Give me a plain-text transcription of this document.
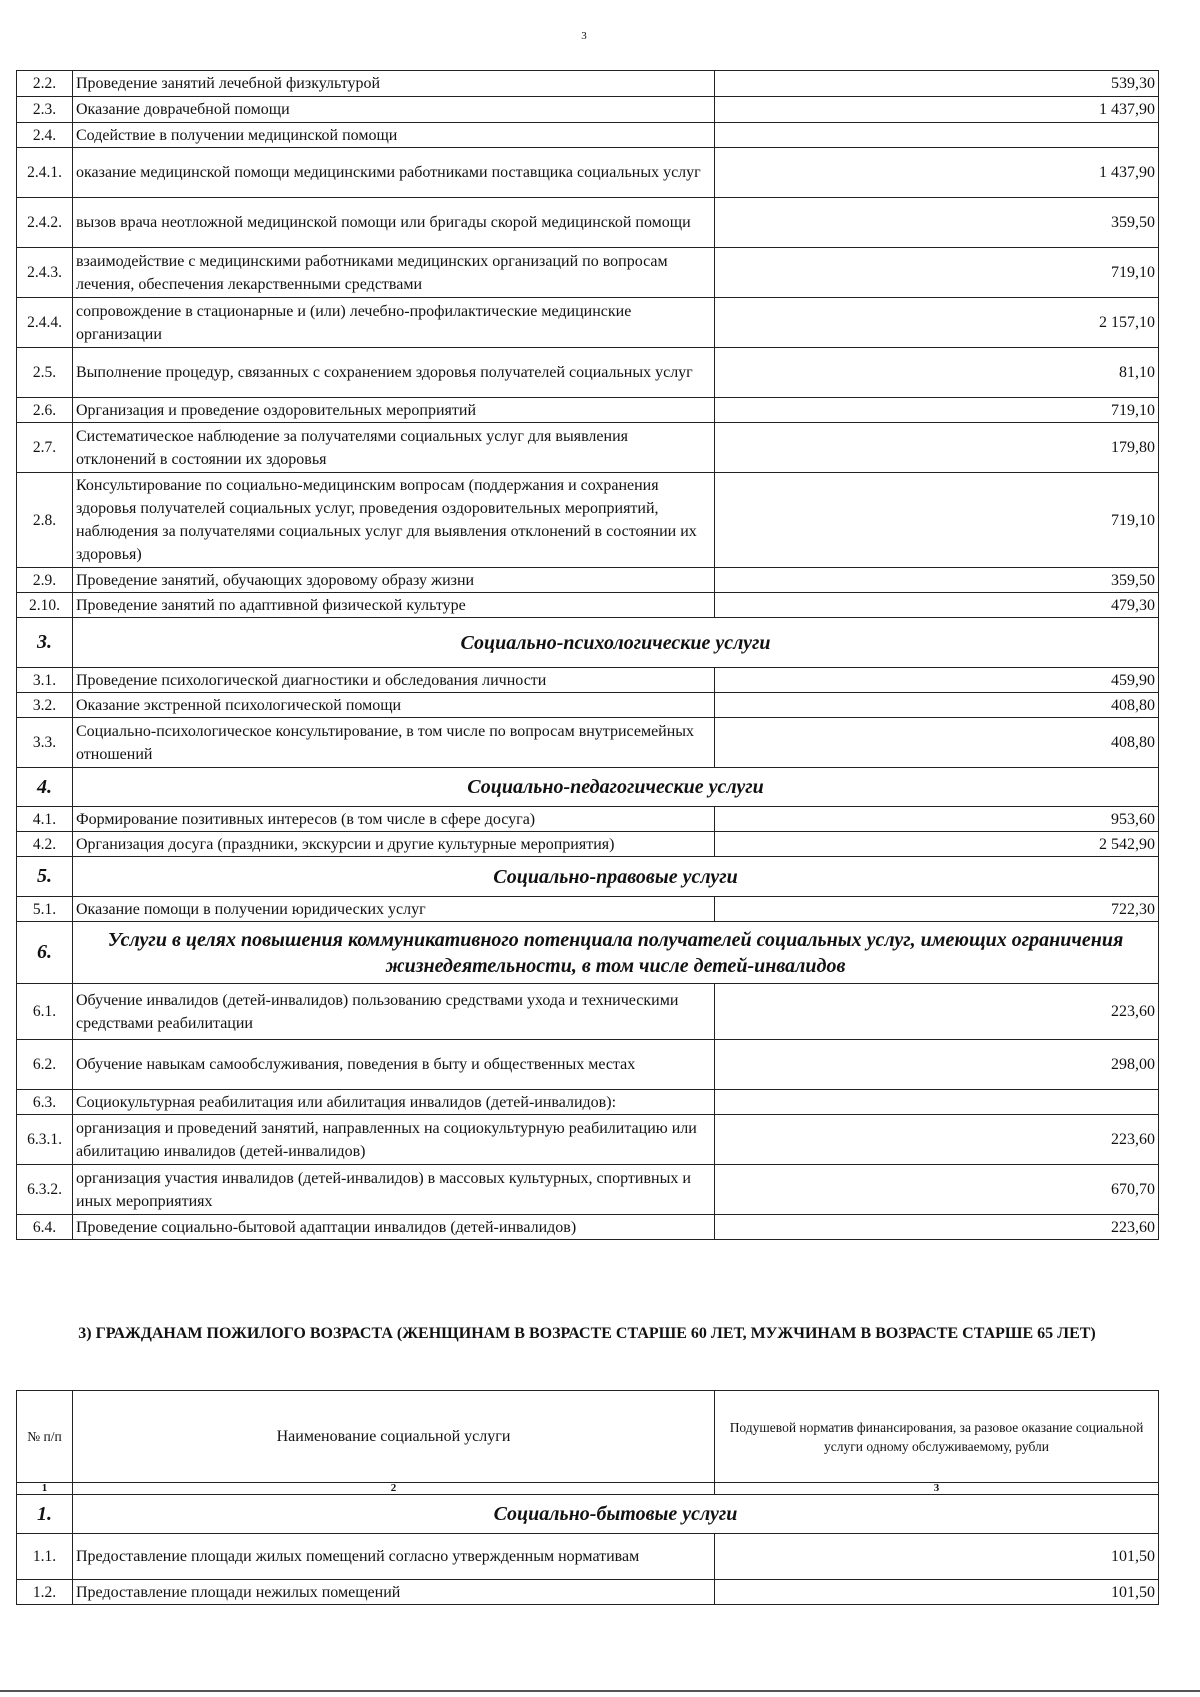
3
2.2.	Проведение занятий лечебной физкультурой	539,30
2.3.	Оказание доврачебной помощи	1 437,90
2.4.	Содействие в получении медицинской помощи	
2.4.1.	оказание медицинской помощи медицинскими работниками поставщика социальных услуг	1 437,90
2.4.2.	вызов врача неотложной медицинской помощи или бригады скорой медицинской помощи	359,50
2.4.3.	взаимодействие с медицинскими работниками медицинских организаций по вопросам лечения, обеспечения лекарственными средствами	719,10
2.4.4.	сопровождение в стационарные и (или) лечебно-профилактические медицинские организации	2 157,10
2.5.	Выполнение процедур, связанных с сохранением здоровья получателей социальных услуг	81,10
2.6.	Организация и проведение оздоровительных мероприятий	719,10
2.7.	Систематическое наблюдение за получателями социальных услуг для выявления отклонений в состоянии их здоровья	179,80
2.8.	Консультирование по социально-медицинским вопросам (поддержания и сохранения здоровья получателей социальных услуг, проведения оздоровительных мероприятий, наблюдения за получателями социальных услуг для выявления отклонений в состоянии их здоровья)	719,10
2.9.	Проведение занятий, обучающих здоровому образу жизни	359,50
2.10.	Проведение занятий по адаптивной физической культуре	479,30
3.	Социально-психологические услуги	
3.1.	Проведение психологической диагностики и обследования личности	459,90
3.2.	Оказание экстренной психологической помощи	408,80
3.3.	Социально-психологическое консультирование, в том числе по вопросам внутрисемейных отношений	408,80
4.	Социально-педагогические услуги	
4.1.	Формирование позитивных интересов (в том числе в сфере досуга)	953,60
4.2.	Организация досуга (праздники, экскурсии и другие культурные мероприятия)	2 542,90
5.	Социально-правовые услуги	
5.1.	Оказание помощи в получении юридических услуг	722,30
6.	Услуги в целях повышения коммуникативного потенциала получателей социальных услуг, имеющих ограничения жизнедеятельности, в том числе детей-инвалидов	
6.1.	Обучение инвалидов (детей-инвалидов) пользованию средствами ухода и техническими средствами реабилитации	223,60
6.2.	Обучение навыкам самообслуживания, поведения в быту и общественных местах	298,00
6.3.	Социокультурная реабилитация или абилитация инвалидов (детей-инвалидов):	
6.3.1.	организация и проведений занятий, направленных на социокультурную реабилитацию или абилитацию инвалидов (детей-инвалидов)	223,60
6.3.2.	организация участия инвалидов (детей-инвалидов) в массовых культурных, спортивных и иных мероприятиях	670,70
6.4.	Проведение социально-бытовой адаптации инвалидов (детей-инвалидов)	223,60
3) ГРАЖДАНАМ ПОЖИЛОГО ВОЗРАСТА (ЖЕНЩИНАМ В ВОЗРАСТЕ СТАРШЕ 60 ЛЕТ, МУЖЧИНАМ В ВОЗРАСТЕ СТАРШЕ 65 ЛЕТ)
№ п/п	Наименование социальной услуги	Подушевой норматив финансирования, за разовое оказание социальной услуги одному обслуживаемому, рубли
1	2	3
1.	Социально-бытовые услуги	
1.1.	Предоставление площади жилых помещений согласно утвержденным нормативам	101,50
1.2.	Предоставление площади нежилых помещений	101,50
